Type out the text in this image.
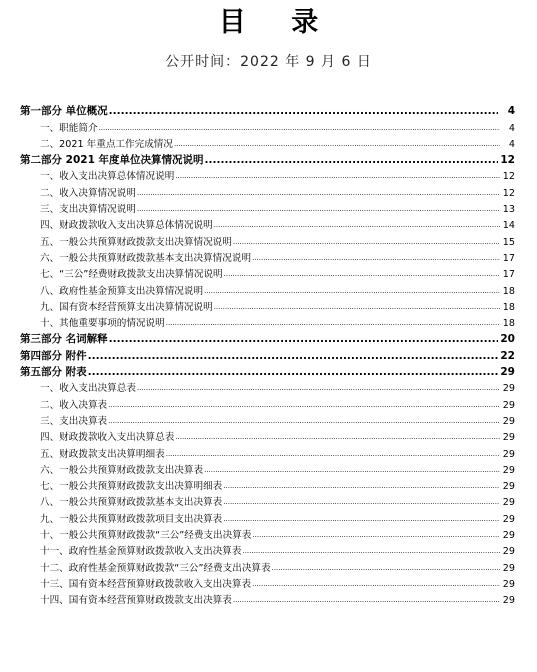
目 录
公开时间：2022 年 9 月 6 日
第一部分 单位概况 .....	4
一、职能简介 .....	4
二、2021 年重点工作完成情况 .....	4
第二部分 2021 年度单位决算情况说明 .....	12
一、收入支出决算总体情况说明 .....	12
二、收入决算情况说明 .....	12
三、支出决算情况说明 .....	13
四、财政拨款收入支出决算总体情况说明 .....	14
五、一般公共预算财政拨款支出决算情况说明 .....	15
六、一般公共预算财政拨款基本支出决算情况说明 .....	17
七、“三公”经费财政拨款支出决算情况说明 .....	17
八、政府性基金预算支出决算情况说明 .....	18
九、国有资本经营预算支出决算情况说明 .....	18
十、其他重要事项的情况说明 .....	18
第三部分 名词解释 .....	20
第四部分 附件 .....	22
第五部分 附表 .....	29
一、收入支出决算总表 .....	29
二、收入决算表 .....	29
三、支出决算表 .....	29
四、财政拨款收入支出决算总表 .....	29
五、财政拨款支出决算明细表 .....	29
六、一般公共预算财政拨款支出决算表 .....	29
七、一般公共预算财政拨款支出决算明细表 .....	29
八、一般公共预算财政拨款基本支出决算表 .....	29
九、一般公共预算财政拨款项目支出决算表 .....	29
十、一般公共预算财政拨款“三公”经费支出决算表 .....	29
十一、政府性基金预算财政拨款收入支出决算表 .....	29
十二、政府性基金预算财政拨款“三公”经费支出决算表 .....	29
十三、国有资本经营预算财政拨款收入支出决算表 .....	29
十四、国有资本经营预算财政拨款支出决算表 .....	29
